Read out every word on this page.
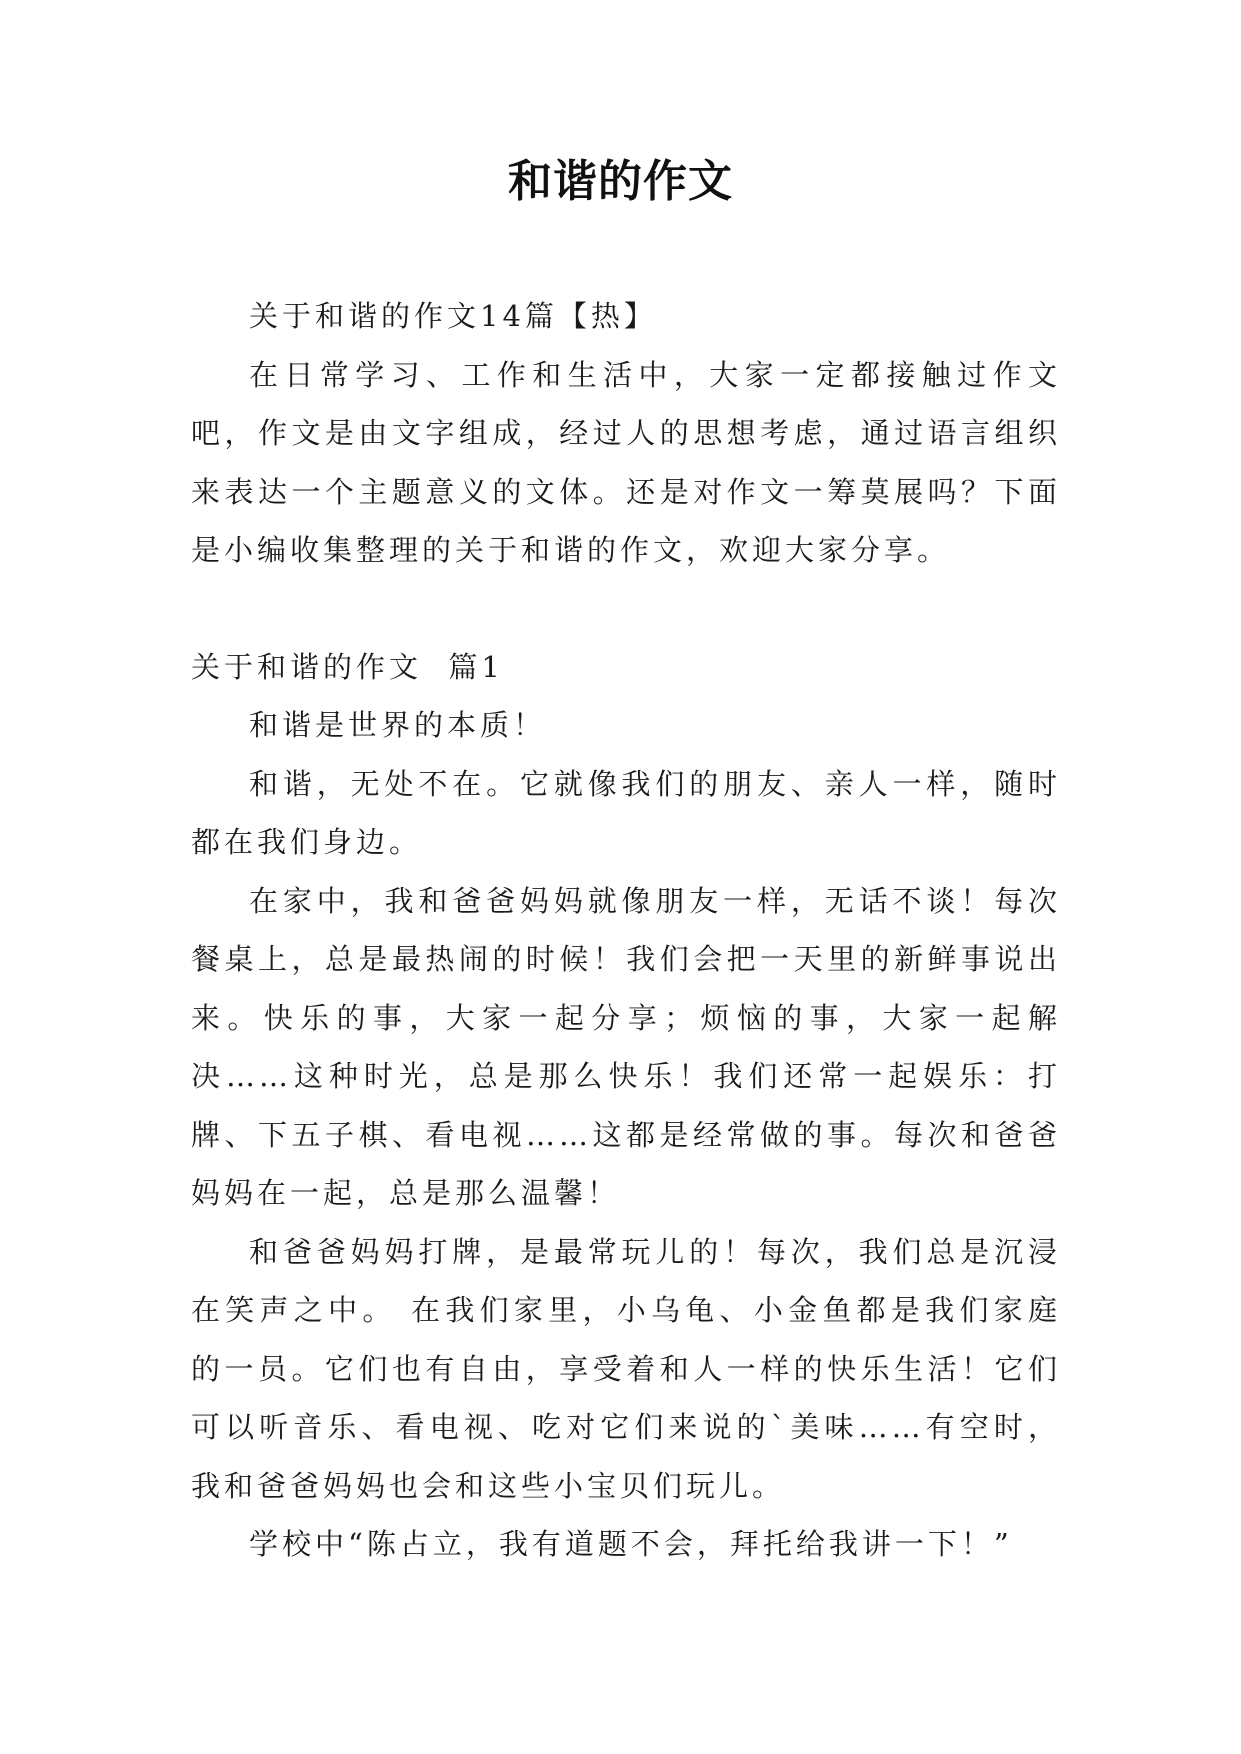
和谐的作文

关于和谐的作文14篇【热】

在日常学习、工作和生活中，大家一定都接触过作文吧，作文是由文字组成，经过人的思想考虑，通过语言组织来表达一个主题意义的文体。还是对作文一筹莫展吗？下面是小编收集整理的关于和谐的作文，欢迎大家分享。

关于和谐的作文  篇1

和谐是世界的本质！

和谐，无处不在。它就像我们的朋友、亲人一样，随时都在我们身边。

在家中，我和爸爸妈妈就像朋友一样，无话不谈！每次餐桌上，总是最热闹的时候！我们会把一天里的新鲜事说出来。快乐的事，大家一起分享；烦恼的事，大家一起解决……这种时光，总是那么快乐！我们还常一起娱乐：打牌、下五子棋、看电视……这都是经常做的事。每次和爸爸妈妈在一起，总是那么温馨！

和爸爸妈妈打牌，是最常玩儿的！每次，我们总是沉浸在笑声之中。 在我们家里，小乌龟、小金鱼都是我们家庭的一员。它们也有自由，享受着和人一样的快乐生活！它们可以听音乐、看电视、吃对它们来说的`美味……有空时，我和爸爸妈妈也会和这些小宝贝们玩儿。

学校中“陈占立，我有道题不会，拜托给我讲一下！”
